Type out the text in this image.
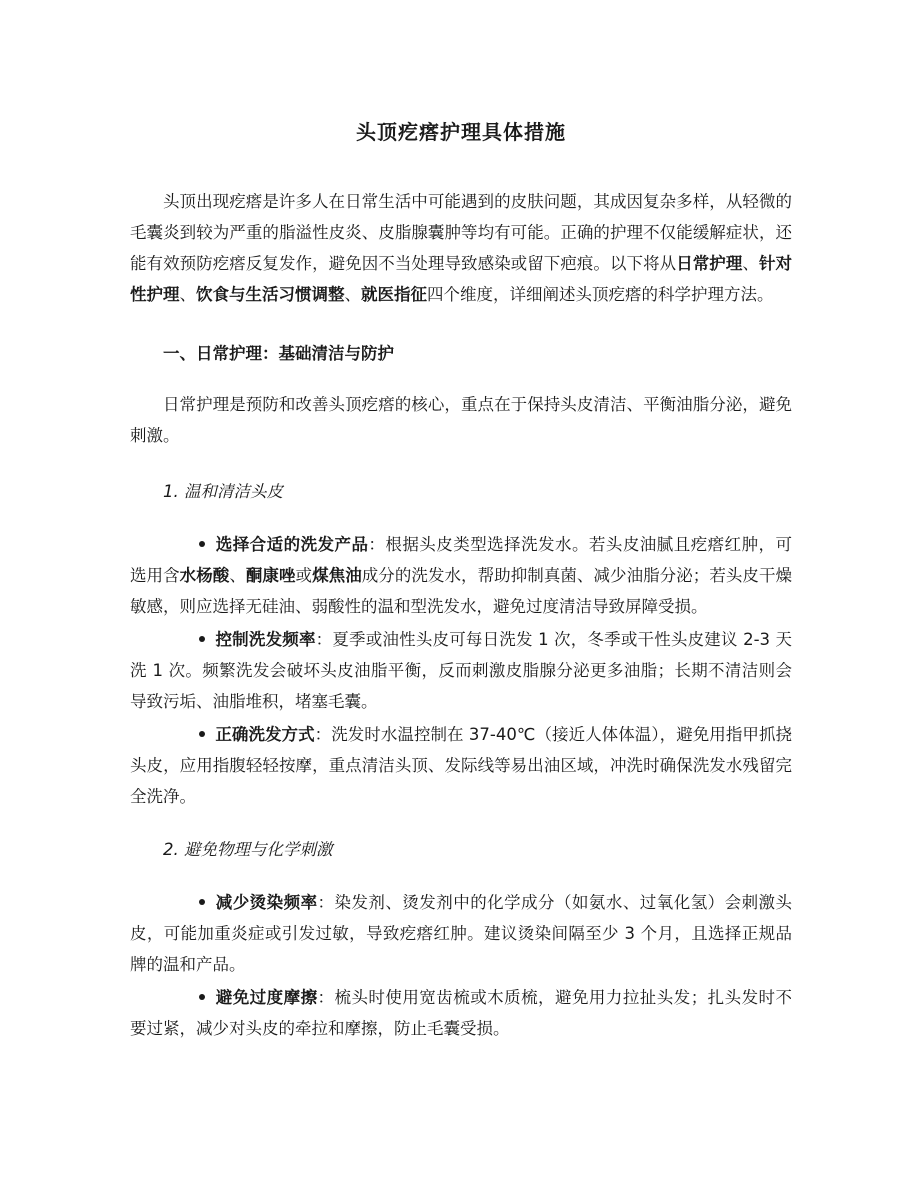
头顶疙瘩护理具体措施

头顶出现疙瘩是许多人在日常生活中可能遇到的皮肤问题，其成因复杂多样，从轻微的毛囊炎到较为严重的脂溢性皮炎、皮脂腺囊肿等均有可能。正确的护理不仅能缓解症状，还能有效预防疙瘩反复发作，避免因不当处理导致感染或留下疤痕。以下将从日常护理、针对性护理、饮食与生活习惯调整、就医指征四个维度，详细阐述头顶疙瘩的科学护理方法。

一、日常护理：基础清洁与防护

日常护理是预防和改善头顶疙瘩的核心，重点在于保持头皮清洁、平衡油脂分泌，避免刺激。

1. 温和清洁头皮
选择合适的洗发产品：根据头皮类型选择洗发水。若头皮油腻且疙瘩红肿，可选用含水杨酸、酮康唑或煤焦油成分的洗发水，帮助抑制真菌、减少油脂分泌；若头皮干燥敏感，则应选择无硅油、弱酸性的温和型洗发水，避免过度清洁导致屏障受损。
控制洗发频率：夏季或油性头皮可每日洗发 1 次，冬季或干性头皮建议 2-3 天洗 1 次。频繁洗发会破坏头皮油脂平衡，反而刺激皮脂腺分泌更多油脂；长期不清洁则会导致污垢、油脂堆积，堵塞毛囊。
正确洗发方式：洗发时水温控制在 37-40℃（接近人体体温），避免用指甲抓挠头皮，应用指腹轻轻按摩，重点清洁头顶、发际线等易出油区域，冲洗时确保洗发水残留完全洗净。
2. 避免物理与化学刺激
减少烫染频率：染发剂、烫发剂中的化学成分（如氨水、过氧化氢）会刺激头皮，可能加重炎症或引发过敏，导致疙瘩红肿。建议烫染间隔至少 3 个月，且选择正规品牌的温和产品。
避免过度摩擦：梳头时使用宽齿梳或木质梳，避免用力拉扯头发；扎头发时不要过紧，减少对头皮的牵拉和摩擦，防止毛囊受损。
